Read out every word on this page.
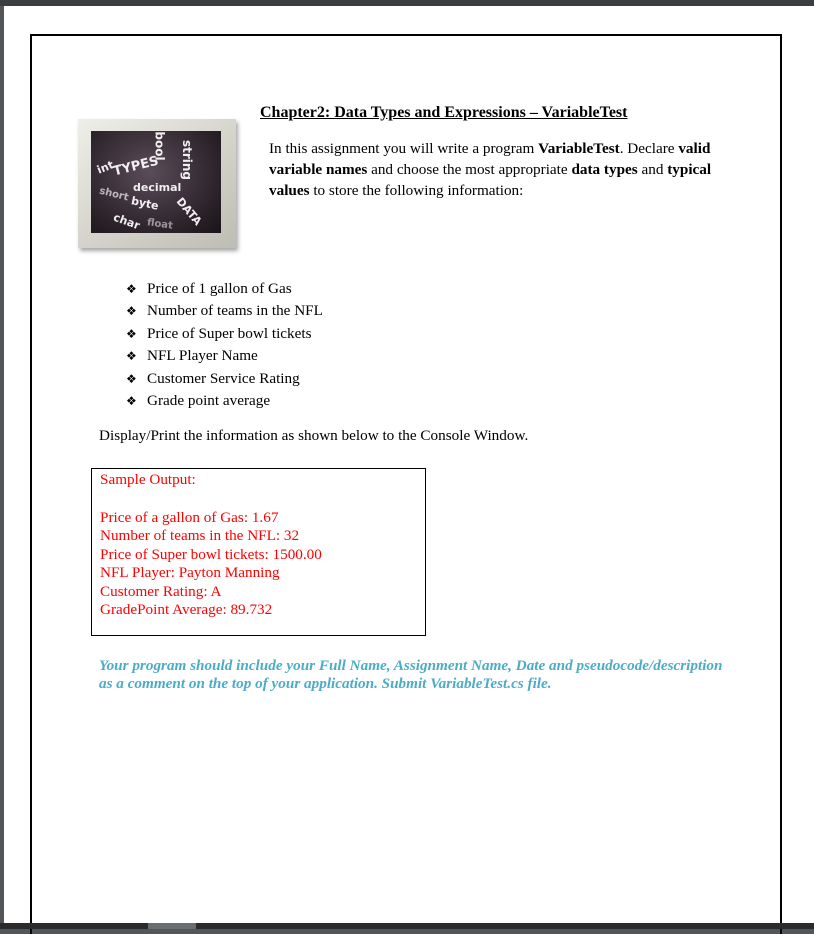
int
TYPES string
bool
decimal
short byte DATA
char float
Chapter2: Data Types and Expressions – VariableTest
In this assignment you will write a program VariableTest. Declare valid variable names and choose the most appropriate data types and typical values to store the following information:
❖ Price of 1 gallon of Gas
❖ Number of teams in the NFL
❖ Price of Super bowl tickets
❖ NFL Player Name
❖ Customer Service Rating
❖ Grade point average
Display/Print the information as shown below to the Console Window.
Sample Output:
Price of a gallon of Gas: 1.67
Number of teams in the NFL: 32
Price of Super bowl tickets: 1500.00
NFL Player: Payton Manning
Customer Rating: A
GradePoint Average: 89.732
Your program should include your Full Name, Assignment Name, Date and pseudocode/description as a comment on the top of your application. Submit VariableTest.cs file.
